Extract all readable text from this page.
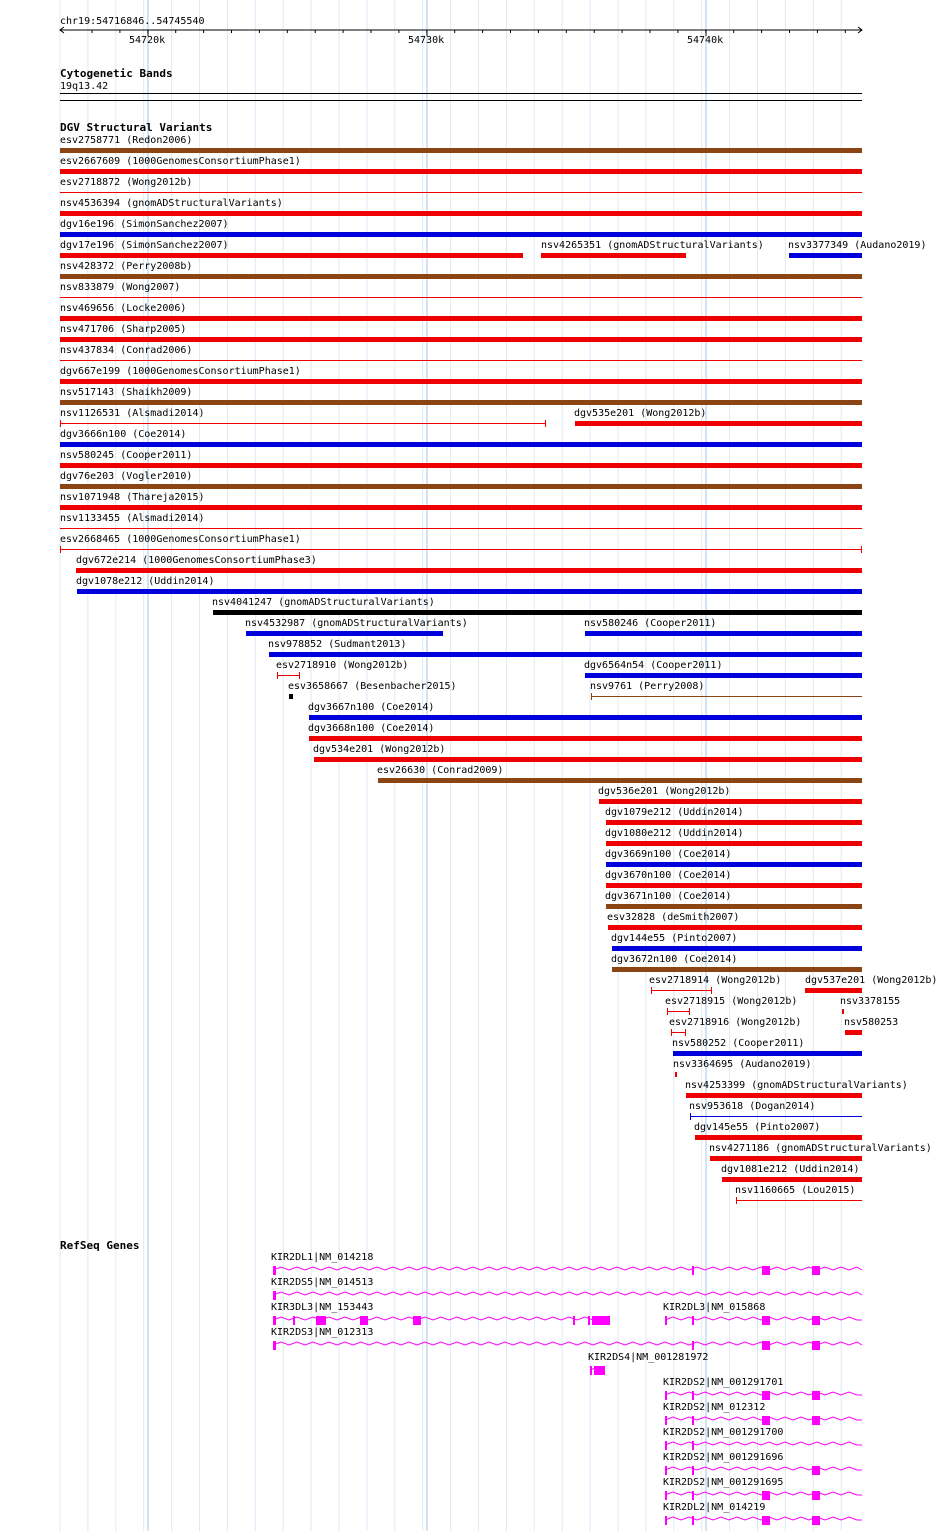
chr19:54716846..54745540
54720k	54730k	54740k
Cytogenetic Bands
19q13.42
DGV Structural Variants
esv2758771 (Redon2006)
esv2667609 (1000GenomesConsortiumPhase1)
esv2718872 (Wong2012b)
nsv4536394 (gnomADStructuralVariants)
dgv16e196 (SimonSanchez2007)
dgv17e196 (SimonSanchez2007)	nsv4265351 (gnomADStructuralVariants) nsv3377349 (Audano2019)
nsv428372 (Perry2008b)
nsv833879 (Wong2007)
nsv469656 (Locke2006)
nsv471706 (Sharp2005)
nsv437834 (Conrad2006)
dgv667e199 (1000GenomesConsortiumPhase1)
nsv517143 (Shaikh2009)
nsv1126531 (Alsmadi2014)	dgv535e201 (Wong2012b)
dgv3666n100 (Coe2014)
nsv580245 (Cooper2011)
dgv76e203 (Vogler2010)
nsv1071948 (Thareja2015)
nsv1133455 (Alsmadi2014)
esv2668465 (1000GenomesConsortiumPhase1)
dgv672e214 (1000GenomesConsortiumPhase3)
dgv1078e212 (Uddin2014)
nsv4041247 (gnomADStructuralVariants)
nsv4532987 (gnomADStructuralVariants)	nsv580246 (Cooper2011)
nsv978852 (Sudmant2013)
esv2718910 (Wong2012b)	dgv6564n54 (Cooper2011)
esv3658667 (Besenbacher2015)	nsv9761 (Perry2008)
dgv3667n100 (Coe2014)
dgv3668n100 (Coe2014)
dgv534e201 (Wong2012b)
esv26630 (Conrad2009)
dgv536e201 (Wong2012b)
dgv1079e212 (Uddin2014)
dgv1080e212 (Uddin2014)
dgv3669n100 (Coe2014)
dgv3670n100 (Coe2014)
dgv3671n100 (Coe2014)
esv32828 (deSmith2007)
dgv144e55 (Pinto2007)
dgv3672n100 (Coe2014)
esv2718914 (Wong2012b) dgv537e201 (Wong2012b)
esv2718915 (Wong2012b)	nsv3378155
esv2718916 (Wong2012b)	nsv580253
nsv580252 (Cooper2011)
nsv3364695 (Audano2019)
nsv4253399 (gnomADStructuralVariants)
nsv953618 (Dogan2014)
dgv145e55 (Pinto2007)
nsv4271186 (gnomADStructuralVariants)
dgv1081e212 (Uddin2014)
nsv1160665 (Lou2015)
RefSeq Genes
KIR2DL1|NM_014218
KIR2DS5|NM_014513
KIR3DL3|NM_153443	KIR2DL3|NM_015868
KIR2DS3|NM_012313
KIR2DS4|NM_001281972
KIR2DS2|NM_001291701
KIR2DS2|NM_012312
KIR2DS2|NM_001291700
KIR2DS2|NM_001291696
KIR2DS2|NM_001291695
KIR2DL2|NM_014219
